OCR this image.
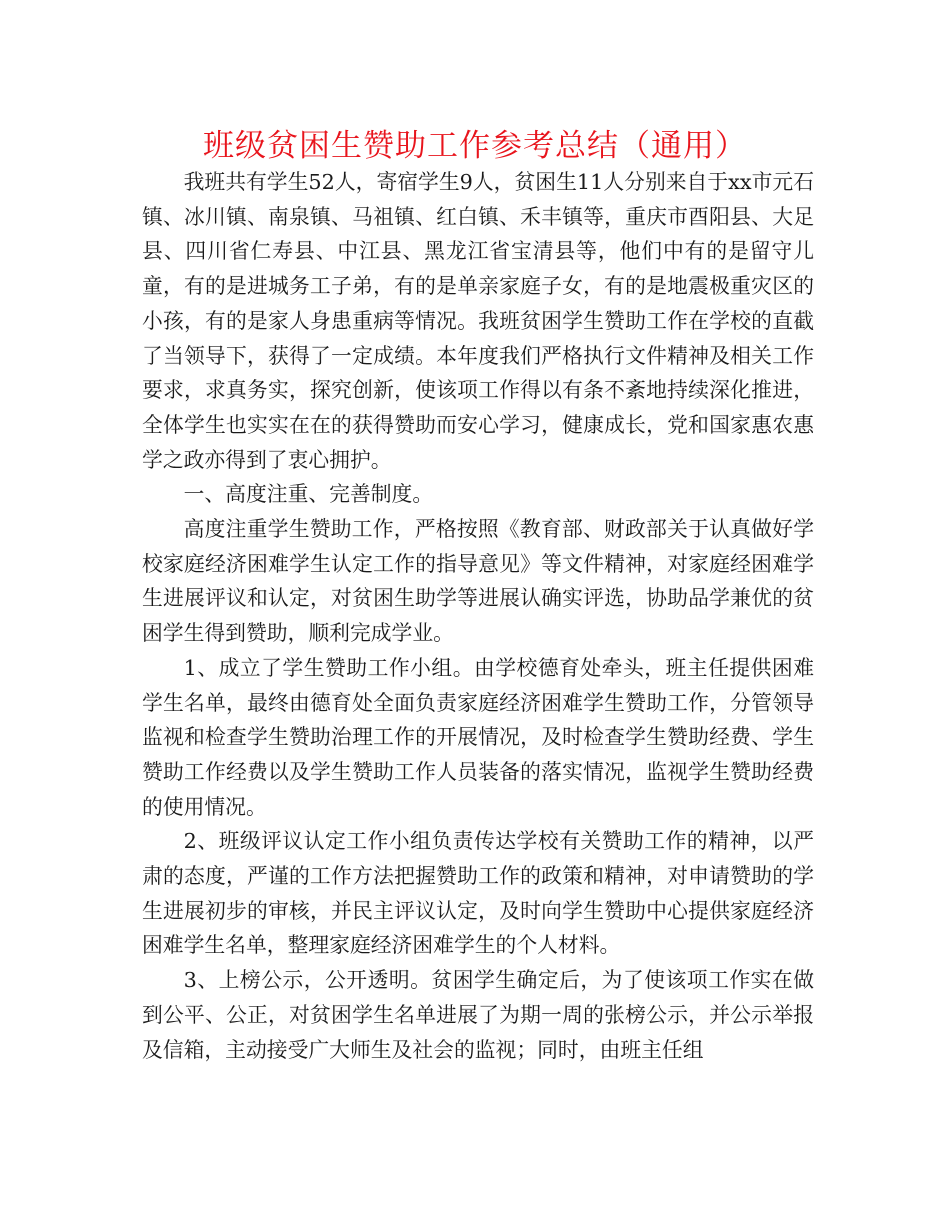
班级贫困生赞助工作参考总结（通用）

我班共有学生52人，寄宿学生9人，贫困生11人分别来自于xx市元石镇、冰川镇、南泉镇、马祖镇、红白镇、禾丰镇等，重庆市酉阳县、大足县、四川省仁寿县、中江县、黑龙江省宝清县等，他们中有的是留守儿童，有的是进城务工子弟，有的是单亲家庭子女，有的是地震极重灾区的小孩，有的是家人身患重病等情况。我班贫困学生赞助工作在学校的直截了当领导下，获得了一定成绩。本年度我们严格执行文件精神及相关工作要求，求真务实，探究创新，使该项工作得以有条不紊地持续深化推进，全体学生也实实在在的获得赞助而安心学习，健康成长，党和国家惠农惠学之政亦得到了衷心拥护。

一、高度注重、完善制度。

高度注重学生赞助工作，严格按照《教育部、财政部关于认真做好学校家庭经济困难学生认定工作的指导意见》等文件精神，对家庭经困难学生进展评议和认定，对贫困生助学等进展认确实评选，协助品学兼优的贫困学生得到赞助，顺利完成学业。

1、成立了学生赞助工作小组。由学校德育处牵头，班主任提供困难学生名单，最终由德育处全面负责家庭经济困难学生赞助工作，分管领导监视和检查学生赞助治理工作的开展情况，及时检查学生赞助经费、学生赞助工作经费以及学生赞助工作人员装备的落实情况，监视学生赞助经费的使用情况。

2、班级评议认定工作小组负责传达学校有关赞助工作的精神，以严肃的态度，严谨的工作方法把握赞助工作的政策和精神，对申请赞助的学生进展初步的审核，并民主评议认定，及时向学生赞助中心提供家庭经济困难学生名单，整理家庭经济困难学生的个人材料。

3、上榜公示，公开透明。贫困学生确定后，为了使该项工作实在做到公平、公正，对贫困学生名单进展了为期一周的张榜公示，并公示举报及信箱，主动接受广大师生及社会的监视；同时，由班主任组
